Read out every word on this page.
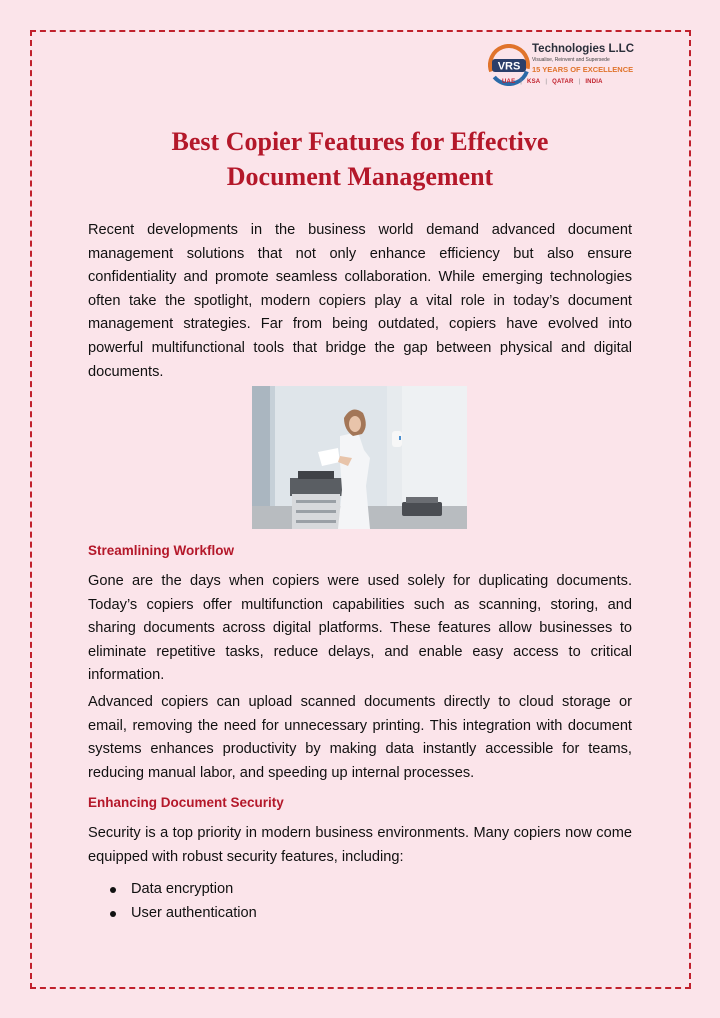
VRS
Technologies L.LC
Visualise, Reinvent and Supersede
15 YEARS OF EXCELLENCE
UAE | KSA | QATAR | INDIA
Best Copier Features for Effective
Document Management

Recent developments in the business world demand advanced document management solutions that not only enhance efficiency but also ensure confidentiality and promote seamless collaboration. While emerging technologies often take the spotlight, modern copiers play a vital role in today’s document management strategies. Far from being outdated, copiers have evolved into powerful multifunctional tools that bridge the gap between physical and digital documents.

Streamlining Workflow

Gone are the days when copiers were used solely for duplicating documents. Today’s copiers offer multifunction capabilities such as scanning, storing, and sharing documents across digital platforms. These features allow businesses to eliminate repetitive tasks, reduce delays, and enable easy access to critical information.

Advanced copiers can upload scanned documents directly to cloud storage or email, removing the need for unnecessary printing. This integration with document systems enhances productivity by making data instantly accessible for teams, reducing manual labor, and speeding up internal processes.

Enhancing Document Security

Security is a top priority in modern business environments. Many copiers now come equipped with robust security features, including:

Data encryption
User authentication
